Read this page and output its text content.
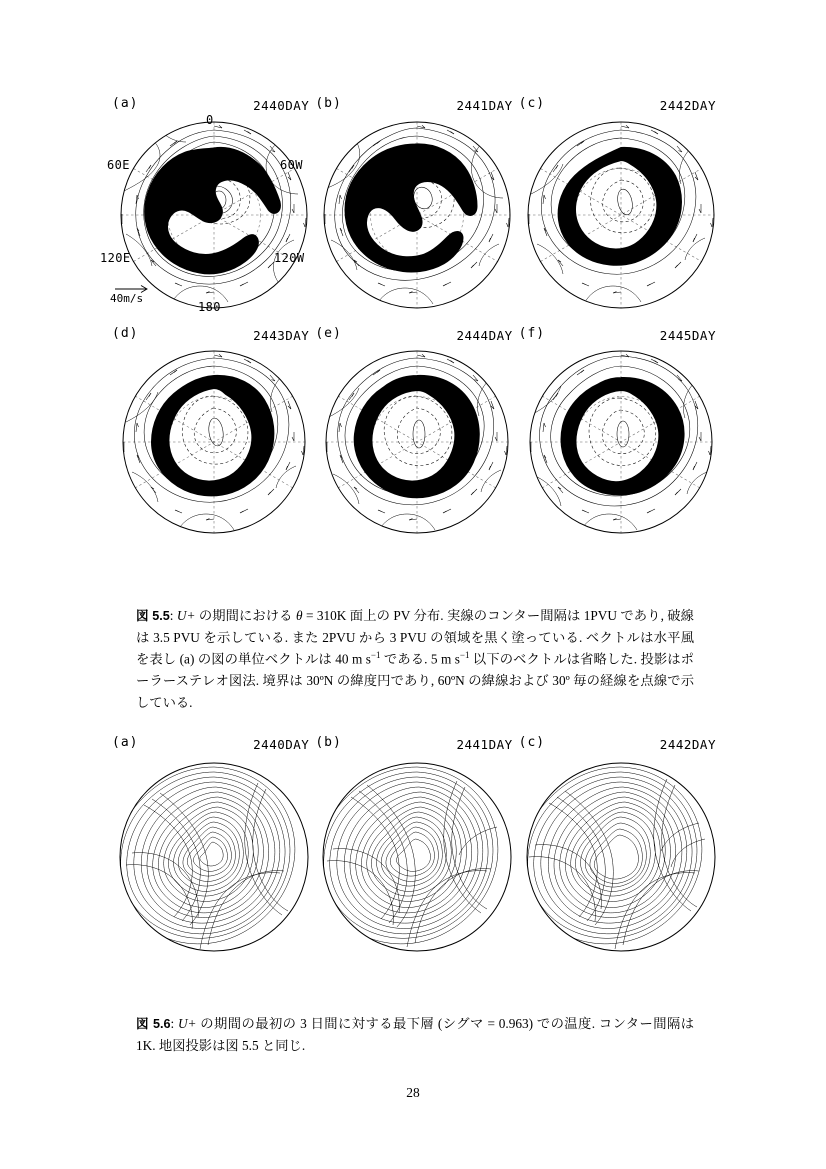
(a)	2440DAY
0
60E	60W
120E	120W
180
40m/s
(b)	2441DAY (c)	2442DAY
(d)	2443DAY (e)	2444DAY (f)	2445DAY

図 5.5: U+ の期間における θ = 310K 面上の PV 分布. 実線のコンター間隔は 1PVU であり, 破線は 3.5 PVU を示している. また 2PVU から 3 PVU の領域を黒く塗っている. ベクトルは水平風を表し (a) の図の単位ベクトルは 40 m $s^{-1}$ である. 5 m $s^{-1}$ 以下のベクトルは省略した. 投影はポーラーステレオ図法. 境界は 30ºN の緯度円であり, 60ºN の緯線および 30º 毎の経線を点線で示している.

(a)	2440DAY (b)	2441DAY (c)	2442DAY

図 5.6: U+ の期間の最初の 3 日間に対する最下層 (シグマ = 0.963) での温度. コンター間隔は 1K. 地図投影は図 5.5 と同じ.

28
